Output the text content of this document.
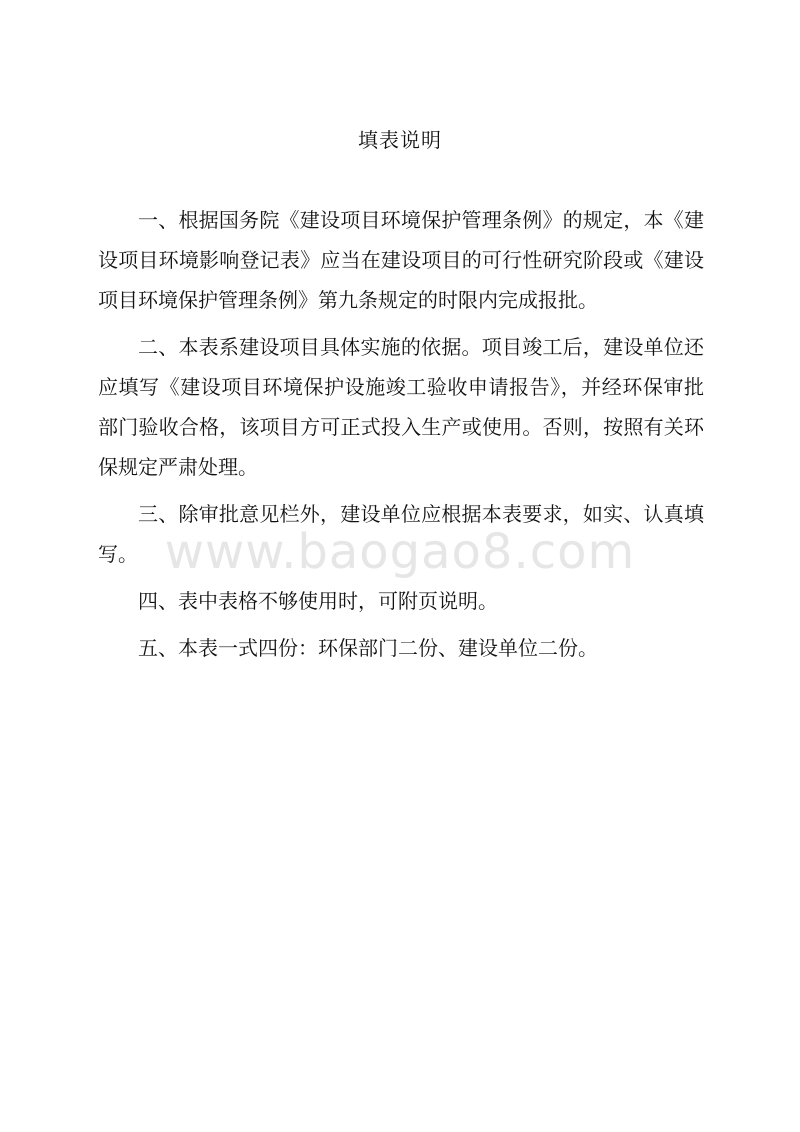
填表说明

一、根据国务院《建设项目环境保护管理条例》的规定，本《建设项目环境影响登记表》应当在建设项目的可行性研究阶段或《建设项目环境保护管理条例》第九条规定的时限内完成报批。

二、本表系建设项目具体实施的依据。项目竣工后，建设单位还应填写《建设项目环境保护设施竣工验收申请报告》，并经环保审批部门验收合格，该项目方可正式投入生产或使用。否则，按照有关环保规定严肃处理。

三、除审批意见栏外，建设单位应根据本表要求，如实、认真填写。

四、表中表格不够使用时，可附页说明。

五、本表一式四份：环保部门二份、建设单位二份。

www.baogao8.com
